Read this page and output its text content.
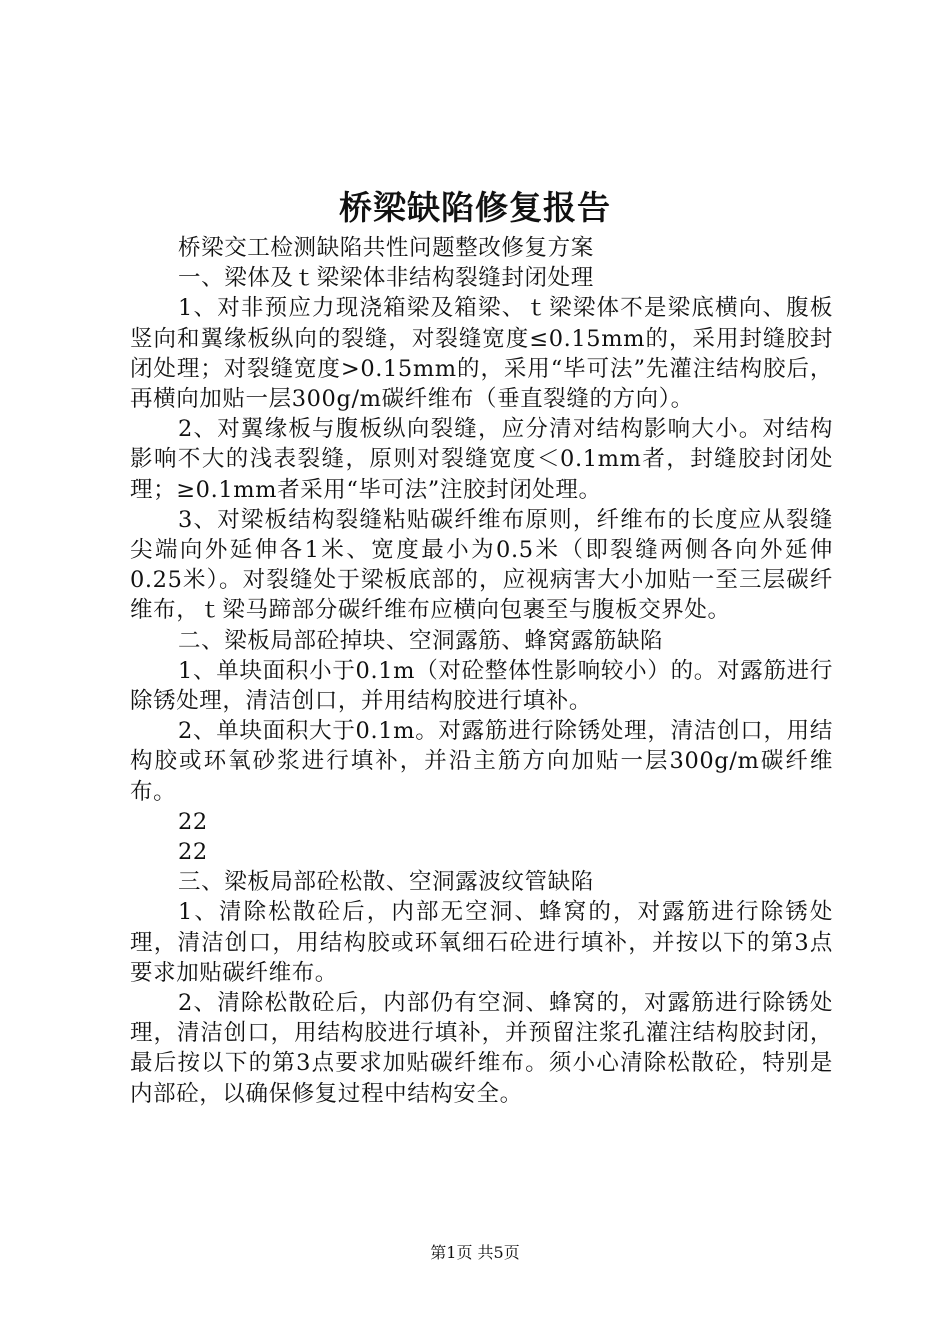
桥梁缺陷修复报告

桥梁交工检测缺陷共性问题整改修复方案

一、梁体及ｔ梁梁体非结构裂缝封闭处理

1、对非预应力现浇箱梁及箱梁、ｔ梁梁体不是梁底横向、腹板竖向和翼缘板纵向的裂缝，对裂缝宽度≤0.15mm的，采用封缝胶封闭处理；对裂缝宽度>0.15mm的，采用“毕可法”先灌注结构胶后，再横向加贴一层300g/m碳纤维布（垂直裂缝的方向）。

2、对翼缘板与腹板纵向裂缝，应分清对结构影响大小。对结构影响不大的浅表裂缝，原则对裂缝宽度＜0.1mm者，封缝胶封闭处理；≥0.1mm者采用“毕可法”注胶封闭处理。

3、对梁板结构裂缝粘贴碳纤维布原则，纤维布的长度应从裂缝尖端向外延伸各1米、宽度最小为0.5米（即裂缝两侧各向外延伸0.25米）。对裂缝处于梁板底部的，应视病害大小加贴一至三层碳纤维布，ｔ梁马蹄部分碳纤维布应横向包裹至与腹板交界处。

二、梁板局部砼掉块、空洞露筋、蜂窝露筋缺陷

1、单块面积小于0.1m（对砼整体性影响较小）的。对露筋进行除锈处理，清洁创口，并用结构胶进行填补。

2、单块面积大于0.1m。对露筋进行除锈处理，清洁创口，用结构胶或环氧砂浆进行填补，并沿主筋方向加贴一层300g/m碳纤维布。

22

22

三、梁板局部砼松散、空洞露波纹管缺陷

1、清除松散砼后，内部无空洞、蜂窝的，对露筋进行除锈处理，清洁创口，用结构胶或环氧细石砼进行填补，并按以下的第3点要求加贴碳纤维布。

2、清除松散砼后，内部仍有空洞、蜂窝的，对露筋进行除锈处理，清洁创口，用结构胶进行填补，并预留注浆孔灌注结构胶封闭，最后按以下的第3点要求加贴碳纤维布。须小心清除松散砼，特别是内部砼，以确保修复过程中结构安全。

第1页 共5页
